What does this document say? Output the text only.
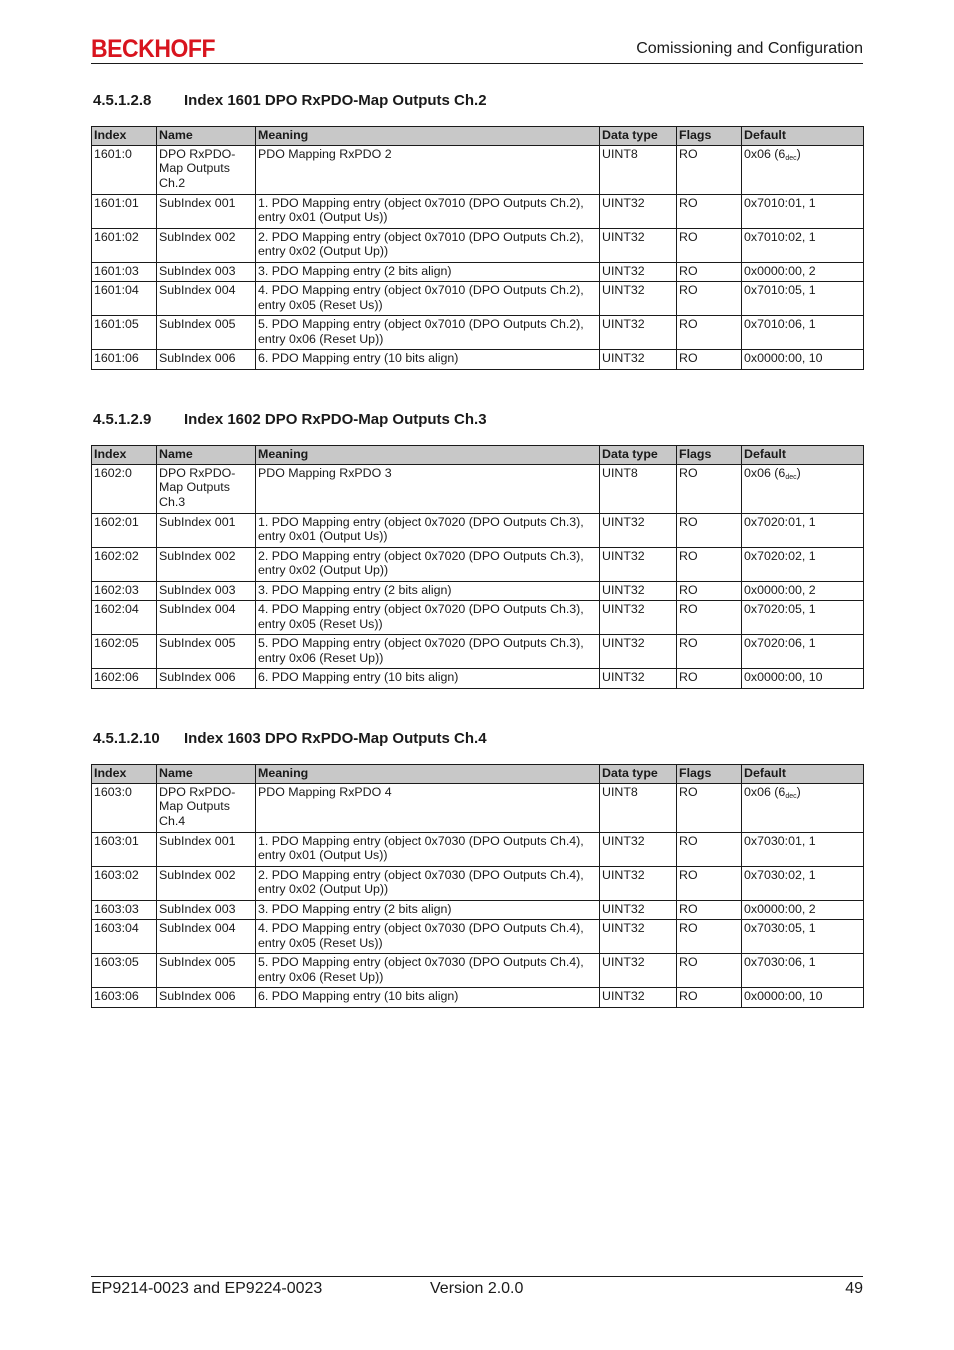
BECKHOFF	Comissioning and Configuration
4.5.1.2.8	Index 1601 DPO RxPDO-Map Outputs Ch.2
Index	Name	Meaning	Data type	Flags	Default
1601:0	DPO RxPDO-Map Outputs Ch.2	PDO Mapping RxPDO 2	UINT8	RO	0x06 $(6_{dec})$
1601:01	SubIndex 001	1. PDO Mapping entry (object 0x7010 (DPO Outputs Ch.2), entry 0x01 (Output Us))	UINT32	RO	0x7010:01, 1
1601:02	SubIndex 002	2. PDO Mapping entry (object 0x7010 (DPO Outputs Ch.2), entry 0x02 (Output Up))	UINT32	RO	0x7010:02, 1
1601:03	SubIndex 003	3. PDO Mapping entry (2 bits align)	UINT32	RO	0x0000:00, 2
1601:04	SubIndex 004	4. PDO Mapping entry (object 0x7010 (DPO Outputs Ch.2), entry 0x05 (Reset Us))	UINT32	RO	0x7010:05, 1
1601:05	SubIndex 005	5. PDO Mapping entry (object 0x7010 (DPO Outputs Ch.2), entry 0x06 (Reset Up))	UINT32	RO	0x7010:06, 1
1601:06	SubIndex 006	6. PDO Mapping entry (10 bits align)	UINT32	RO	0x0000:00, 10
4.5.1.2.9	Index 1602 DPO RxPDO-Map Outputs Ch.3
Index	Name	Meaning	Data type	Flags	Default
1602:0	DPO RxPDO-Map Outputs Ch.3	PDO Mapping RxPDO 3	UINT8	RO	0x06 $(6_{dec})$
1602:01	SubIndex 001	1. PDO Mapping entry (object 0x7020 (DPO Outputs Ch.3), entry 0x01 (Output Us))	UINT32	RO	0x7020:01, 1
1602:02	SubIndex 002	2. PDO Mapping entry (object 0x7020 (DPO Outputs Ch.3), entry 0x02 (Output Up))	UINT32	RO	0x7020:02, 1
1602:03	SubIndex 003	3. PDO Mapping entry (2 bits align)	UINT32	RO	0x0000:00, 2
1602:04	SubIndex 004	4. PDO Mapping entry (object 0x7020 (DPO Outputs Ch.3), entry 0x05 (Reset Us))	UINT32	RO	0x7020:05, 1
1602:05	SubIndex 005	5. PDO Mapping entry (object 0x7020 (DPO Outputs Ch.3), entry 0x06 (Reset Up))	UINT32	RO	0x7020:06, 1
1602:06	SubIndex 006	6. PDO Mapping entry (10 bits align)	UINT32	RO	0x0000:00, 10
4.5.1.2.10	Index 1603 DPO RxPDO-Map Outputs Ch.4
Index	Name	Meaning	Data type	Flags	Default
1603:0	DPO RxPDO-Map Outputs Ch.4	PDO Mapping RxPDO 4	UINT8	RO	0x06 $(6_{dec})$
1603:01	SubIndex 001	1. PDO Mapping entry (object 0x7030 (DPO Outputs Ch.4), entry 0x01 (Output Us))	UINT32	RO	0x7030:01, 1
1603:02	SubIndex 002	2. PDO Mapping entry (object 0x7030 (DPO Outputs Ch.4), entry 0x02 (Output Up))	UINT32	RO	0x7030:02, 1
1603:03	SubIndex 003	3. PDO Mapping entry (2 bits align)	UINT32	RO	0x0000:00, 2
1603:04	SubIndex 004	4. PDO Mapping entry (object 0x7030 (DPO Outputs Ch.4), entry 0x05 (Reset Us))	UINT32	RO	0x7030:05, 1
1603:05	SubIndex 005	5. PDO Mapping entry (object 0x7030 (DPO Outputs Ch.4), entry 0x06 (Reset Up))	UINT32	RO	0x7030:06, 1
1603:06	SubIndex 006	6. PDO Mapping entry (10 bits align)	UINT32	RO	0x0000:00, 10
EP9214-0023 and EP9224-0023	Version 2.0.0	49
